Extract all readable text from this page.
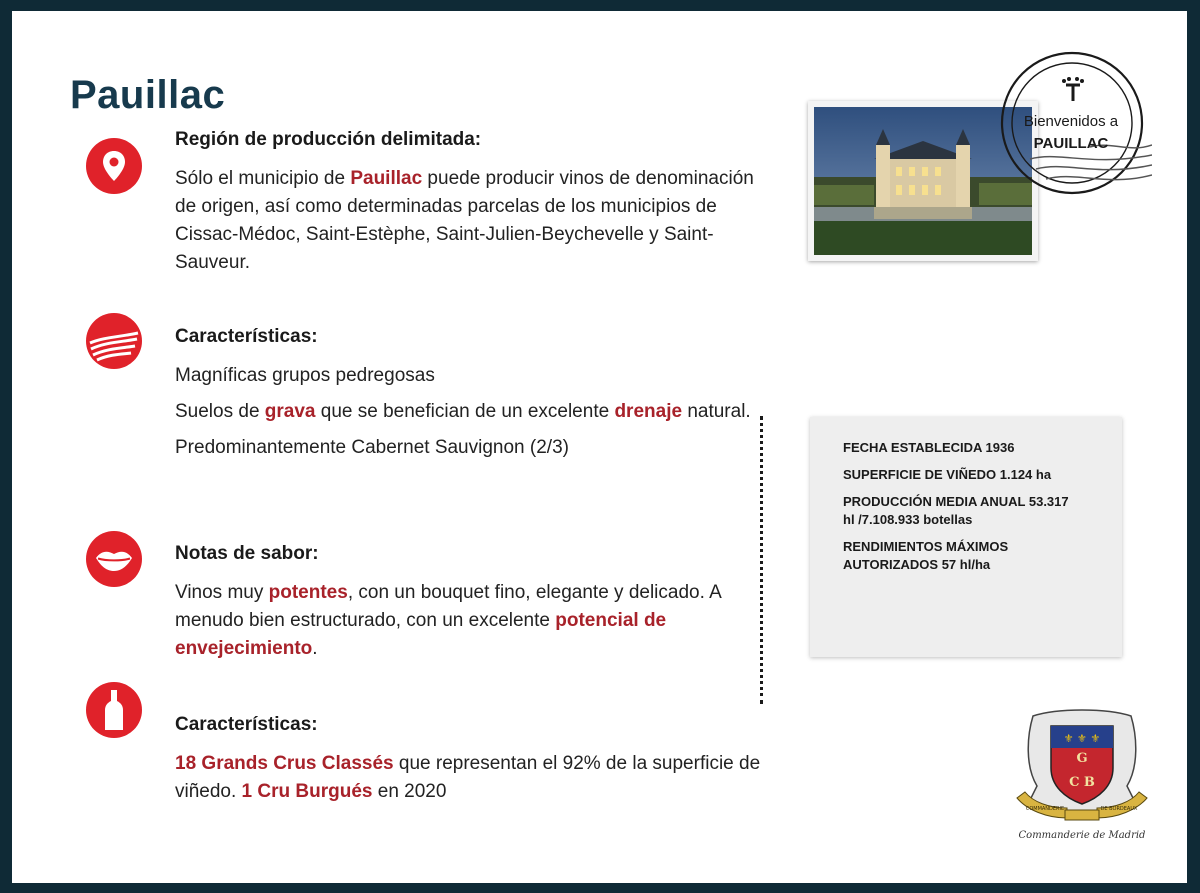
Pauillac

Región de producción delimitada:

Sólo el municipio de Pauillac puede producir vinos de denominación de origen, así como determinadas parcelas de los municipios de Cissac-Médoc, Saint-Estèphe, Saint-Julien-Beychevelle y Saint-Sauveur.

Características:

Magníficas grupos pedregosas

Suelos de grava que se benefician de un excelente drenaje natural.

Predominantemente Cabernet Sauvignon (2/3)

Notas de sabor:

Vinos muy potentes, con un bouquet fino, elegante y delicado. A menudo bien estructurado, con un excelente potencial de envejecimiento.

Características:

18 Grands Crus Classés que representan el 92% de la superficie de viñedo. 1 Cru Burgués en 2020

Bienvenidos a
PAUILLAC

FECHA ESTABLECIDA 1936

SUPERFICIE DE VIÑEDO 1.124 ha

PRODUCCIÓN MEDIA ANUAL 53.317
hl /7.108.933 botellas

RENDIMIENTOS MÁXIMOS
AUTORIZADOS 57 hl/ha

⚜ ⚜ ⚜
G
C B
COMMANDERIE	DE BORDEAUX
Commanderie de Madrid
